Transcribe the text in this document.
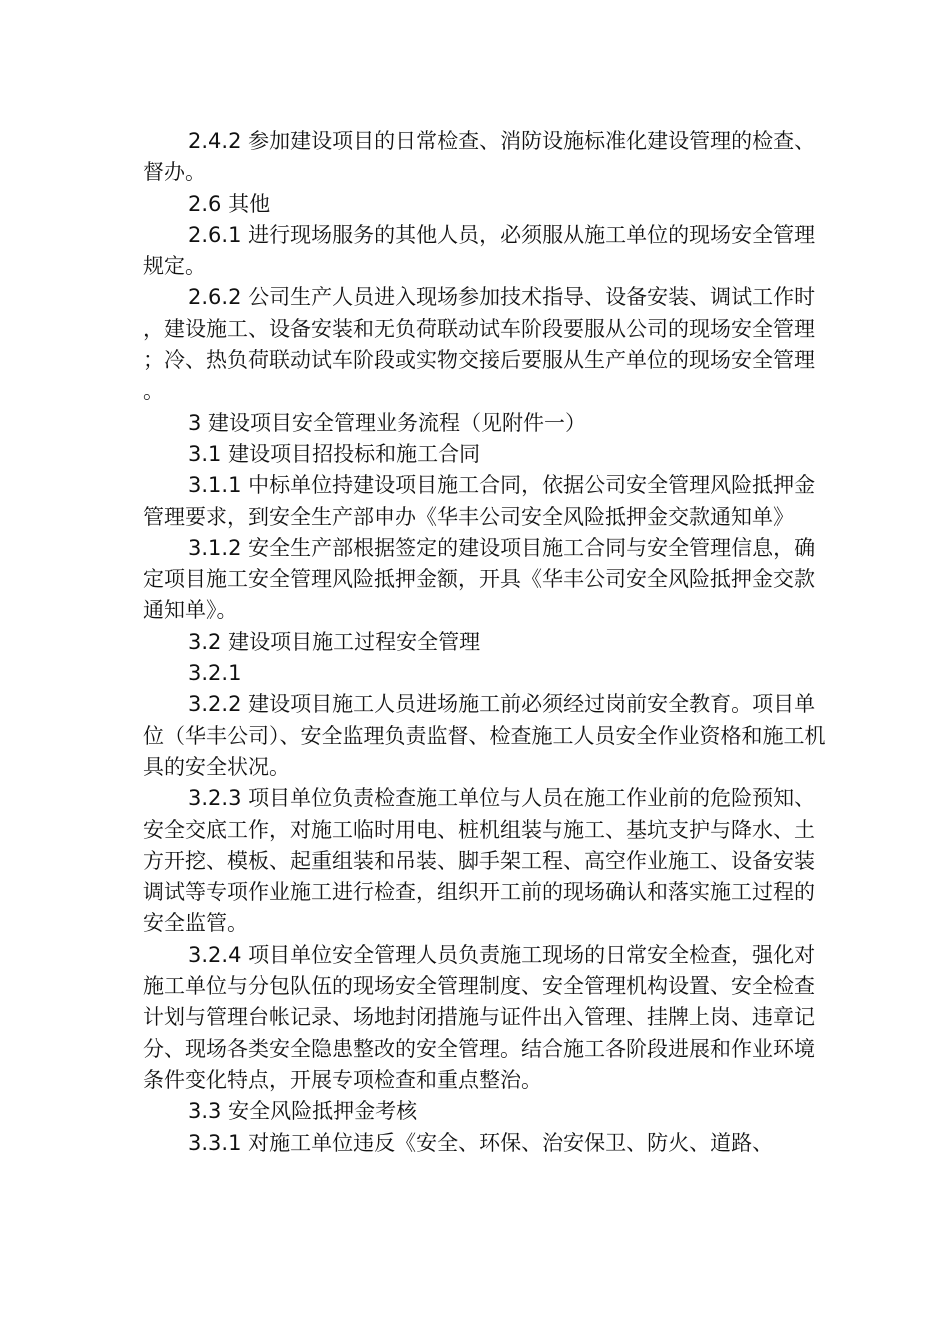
2.4.2 参加建设项目的日常检查、消防设施标准化建设管理的检查、督办。

2.6 其他

2.6.1 进行现场服务的其他人员，必须服从施工单位的现场安全管理规定。

2.6.2 公司生产人员进入现场参加技术指导、设备安装、调试工作时，建设施工、设备安装和无负荷联动试车阶段要服从公司的现场安全管理；冷、热负荷联动试车阶段或实物交接后要服从生产单位的现场安全管理。

3 建设项目安全管理业务流程（见附件一）

3.1 建设项目招投标和施工合同

3.1.1 中标单位持建设项目施工合同，依据公司安全管理风险抵押金管理要求，到安全生产部申办《华丰公司安全风险抵押金交款通知单》

3.1.2 安全生产部根据签定的建设项目施工合同与安全管理信息，确定项目施工安全管理风险抵押金额，开具《华丰公司安全风险抵押金交款通知单》。

3.2 建设项目施工过程安全管理

3.2.1

3.2.2 建设项目施工人员进场施工前必须经过岗前安全教育。项目单位（华丰公司）、安全监理负责监督、检查施工人员安全作业资格和施工机具的安全状况。

3.2.3 项目单位负责检查施工单位与人员在施工作业前的危险预知、安全交底工作，对施工临时用电、桩机组装与施工、基坑支护与降水、土方开挖、模板、起重组装和吊装、脚手架工程、高空作业施工、设备安装调试等专项作业施工进行检查，组织开工前的现场确认和落实施工过程的安全监管。

3.2.4 项目单位安全管理人员负责施工现场的日常安全检查，强化对施工单位与分包队伍的现场安全管理制度、安全管理机构设置、安全检查计划与管理台帐记录、场地封闭措施与证件出入管理、挂牌上岗、违章记分、现场各类安全隐患整改的安全管理。结合施工各阶段进展和作业环境条件变化特点，开展专项检查和重点整治。

3.3 安全风险抵押金考核

3.3.1 对施工单位违反《安全、环保、治安保卫、防火、道路、
